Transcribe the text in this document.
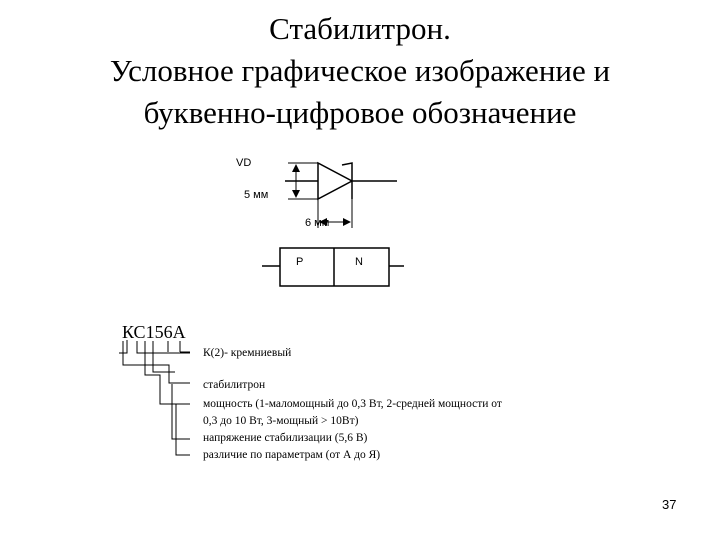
Стабилитрон.
Условное графическое изображение и
буквенно-цифровое обозначение
VD
5 мм
6 мм
P	N
КС156А
К(2)- кремниевый
стабилитрон
мощность (1-маломощный до 0,3 Вт, 2-средней мощности от
0,3 до 10 Вт, 3-мощный > 10Вт)
напряжение стабилизации (5,6 В)
различие по параметрам (от А до Я)
37
